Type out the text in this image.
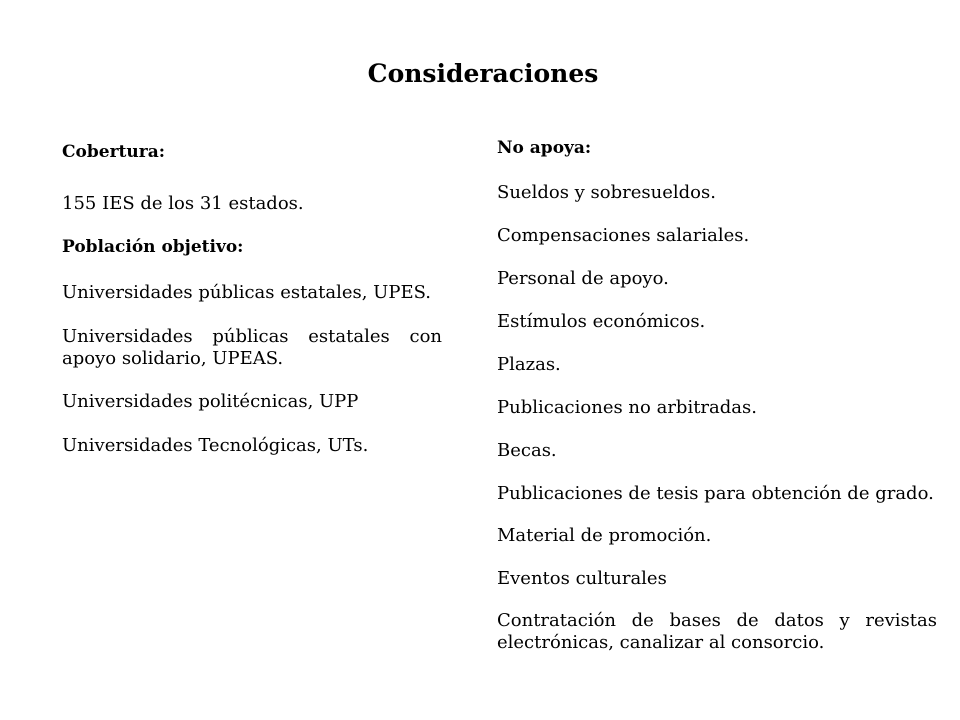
Consideraciones

Cobertura:

155 IES de los 31 estados.

Población objetivo:

Universidades públicas estatales, UPES.

Universidades públicas estatales con apoyo solidario, UPEAS.

Universidades politécnicas, UPP

Universidades Tecnológicas, UTs.

No apoya:

Sueldos y sobresueldos.

Compensaciones salariales.

Personal de apoyo.

Estímulos económicos.

Plazas.

Publicaciones no arbitradas.

Becas.

Publicaciones de tesis para obtención de grado.

Material de promoción.

Eventos culturales

Contratación de bases de datos y revistas electrónicas, canalizar al consorcio.
